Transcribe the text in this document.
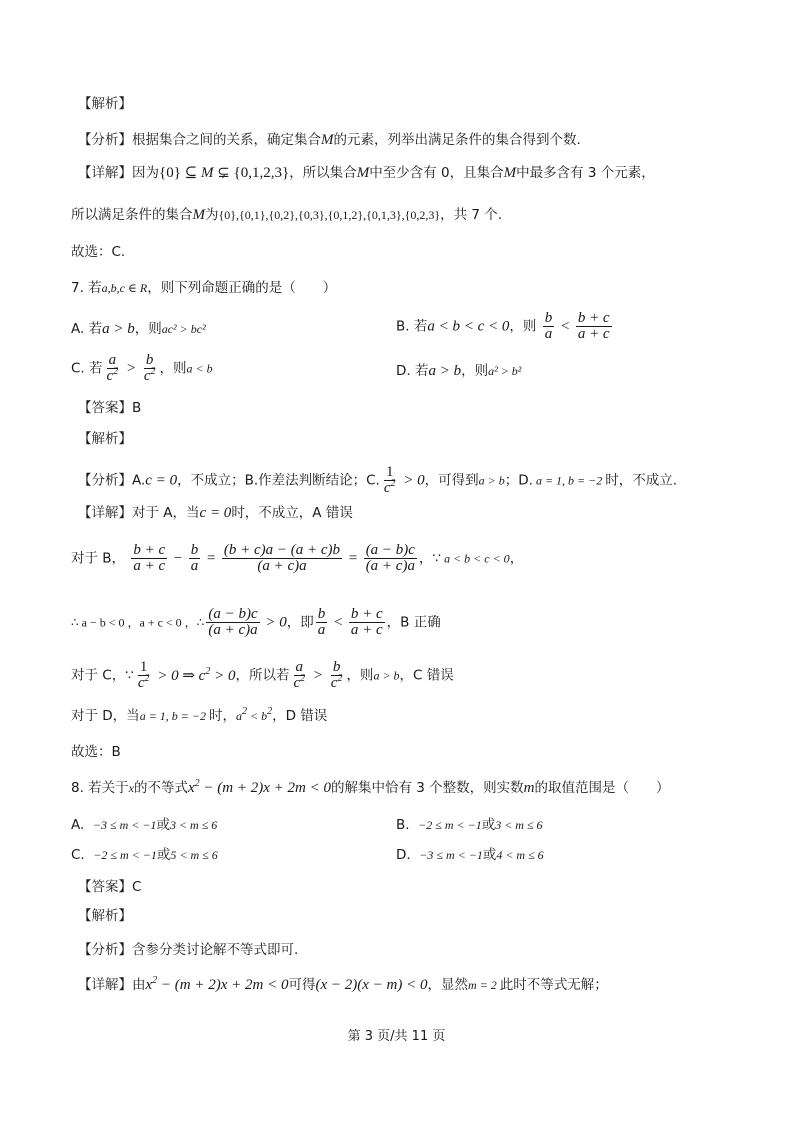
【解析】
【分析】根据集合之间的关系，确定集合M的元素，列举出满足条件的集合得到个数.
【详解】因为{0} ⊆ M ⊊ {0,1,2,3}，所以集合M中至少含有 0，且集合M中最多含有 3 个元素，
所以满足条件的集合M为{0},{0,1},{0,2},{0,3},{0,1,2},{0,1,3},{0,2,3}，共 7 个.
故选：C.
7. 若a,b,c ∈ R，则下列命题正确的是（　　）
A. 若a > b，则ac² > bc²	B. 若a < b < c < 0，则 $\frac{b}{a} < \frac{b + c}{a + c}$
C. 若 $\frac{a}{c^2} > \frac{b}{c^2}$ ，则a < b	D. 若a > b，则a² > b²
【答案】B
【解析】
【分析】A.c = 0，不成立；B.作差法判断结论；C. $\frac{1}{c^2} > 0$，可得到a > b；D. a = 1, b = −2 时，不成立.
【详解】对于 A，当c = 0时，不成立，A 错误
对于 B， $\frac{b + c}{a + c} - \frac{b}{a} = \frac{(b + c)a - (a + c)b}{(a + c)a} = \frac{(a - b)c}{(a + c)a}$ ，∵ a < b < c < 0，
∴ a − b < 0 ，a + c < 0 ，∴ $\frac{(a - b)c}{(a + c)a} > 0$，即 $\frac{b}{a} < \frac{b + c}{a + c}$ ，B 正确
对于 C，∵ $\frac{1}{c^2} > 0$ ⇒ $c^2 > 0$，所以若 $\frac{a}{c^2} > \frac{b}{c^2}$ ，则a > b，C 错误
对于 D，当a = 1, b = −2 时，$a^2 < b^2$，D 错误
故选：B
8. 若关于x的不等式$x^2 - (m + 2)x + 2m < 0$的解集中恰有 3 个整数，则实数m的取值范围是（　　）
A. −3 ≤ m < −1或3 < m ≤ 6	B. −2 ≤ m < −1或3 < m ≤ 6
C. −2 ≤ m < −1或5 < m ≤ 6	D. −3 ≤ m < −1或4 < m ≤ 6
【答案】C
【解析】
【分析】含参分类讨论解不等式即可.
【详解】由$x^2 - (m + 2)x + 2m < 0$可得(x − 2)(x − m) < 0，显然m = 2 此时不等式无解；
第 3 页/共 11 页
